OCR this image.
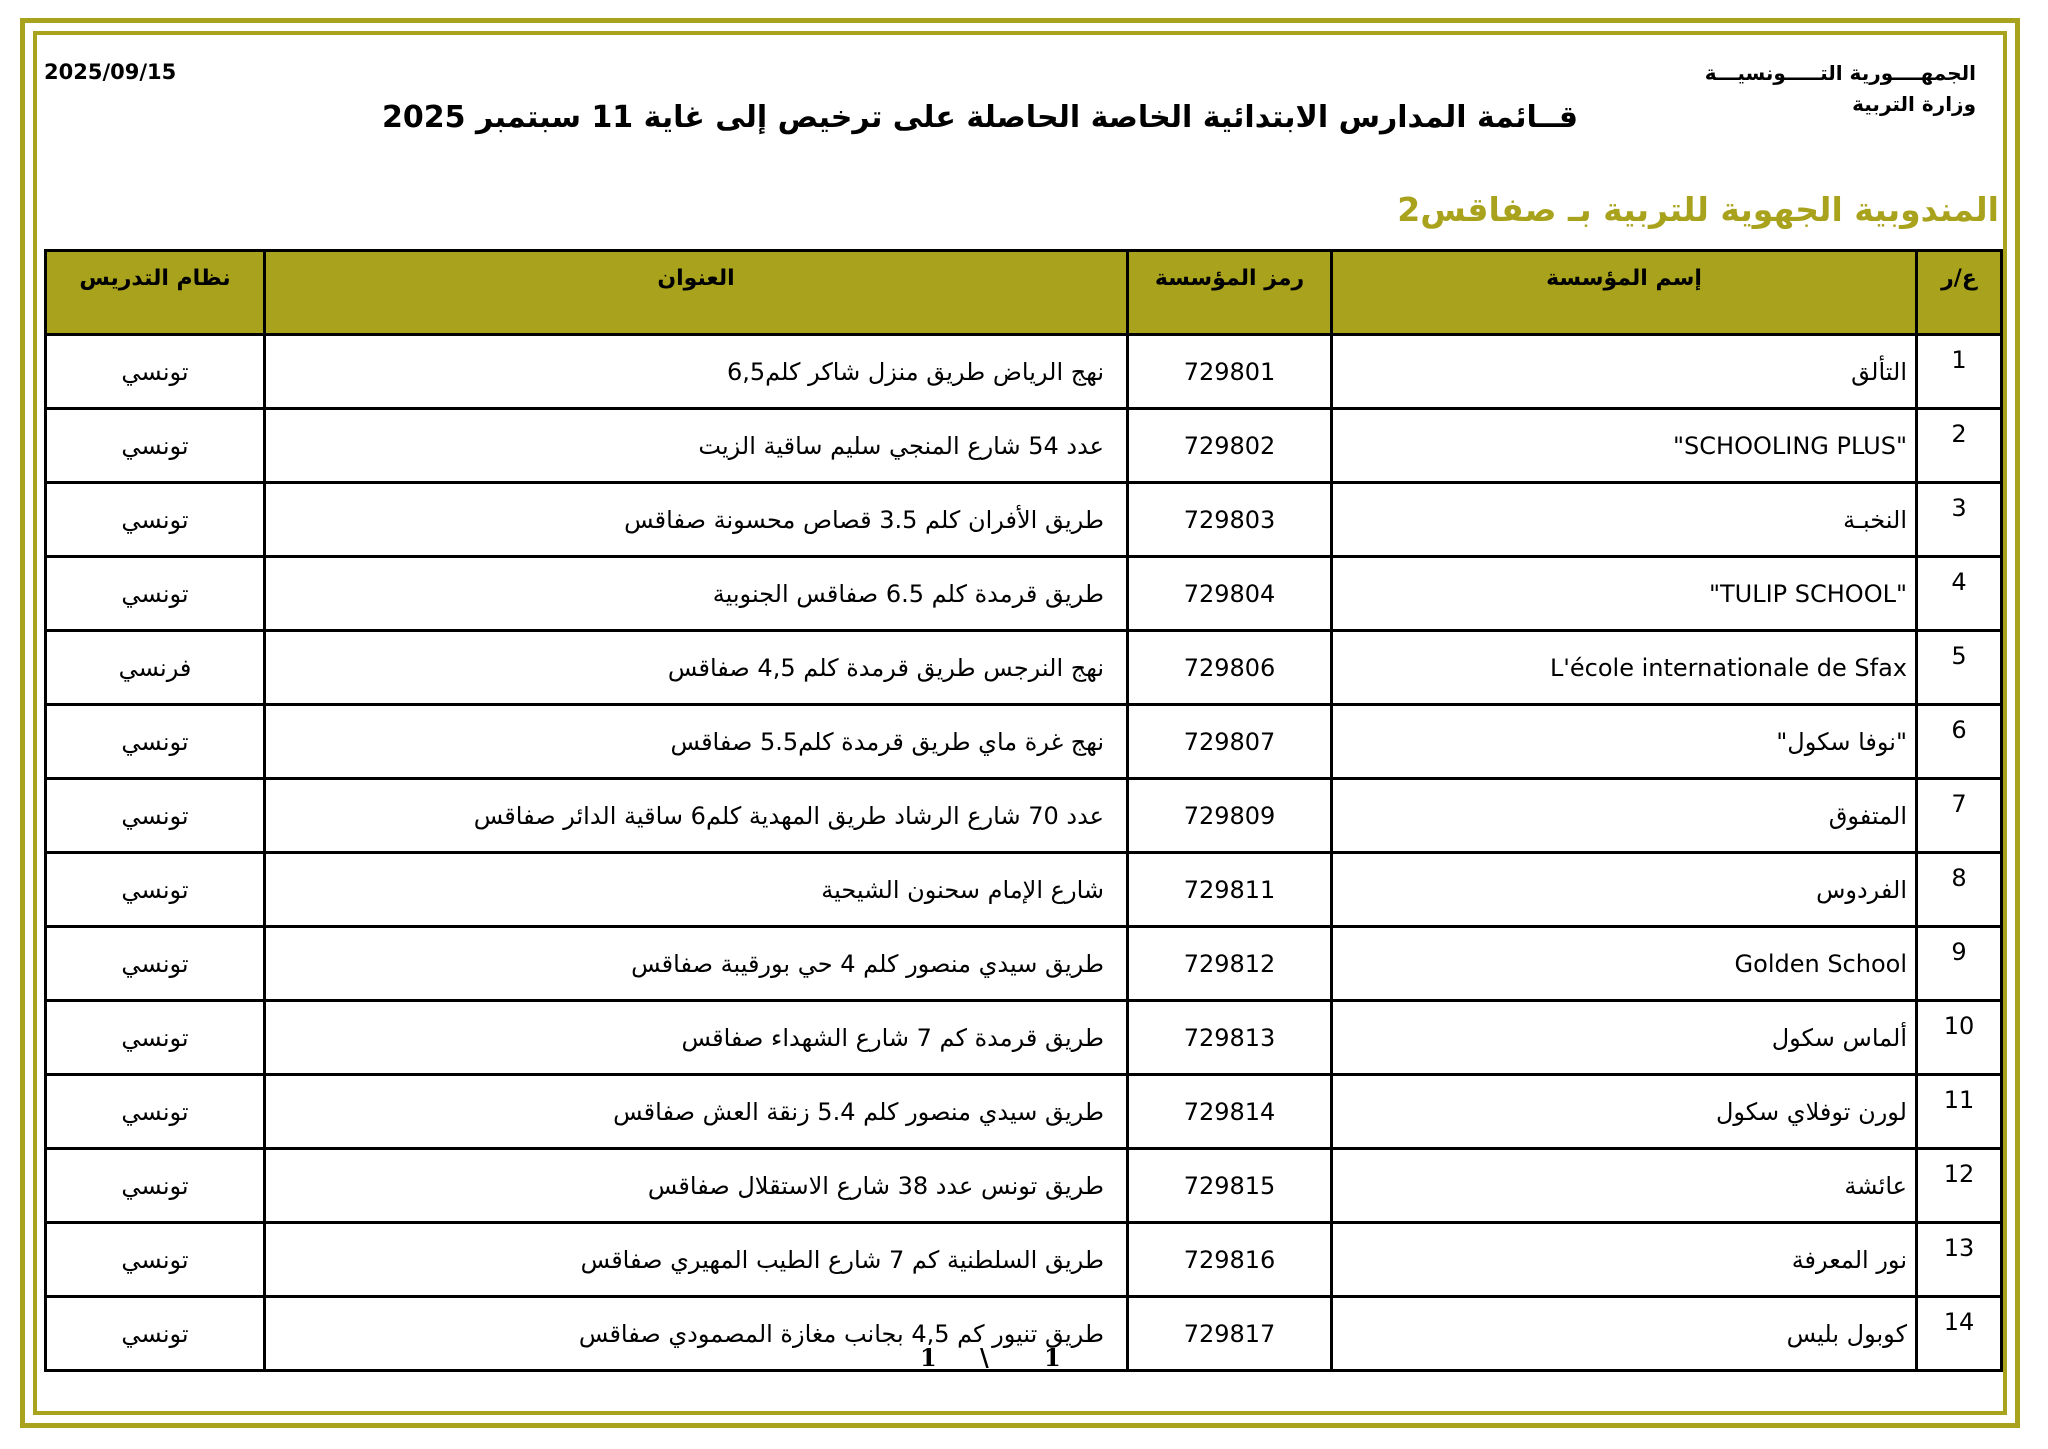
2025/09/15	الجمهــــورية التـــــونسيـــة
وزارة التربية
قــائمة المدارس الابتدائية الخاصة الحاصلة على ترخيص إلى غاية 11 سبتمبر 2025
المندوبية الجهوية للتربية بـ صفاقس2
ع/ر	إسم المؤسسة	رمز المؤسسة	العنوان	نظام التدريس
1	التألق	729801	نهج الرياض طريق منزل شاكر كلم6,5	تونسي
2	"SCHOOLING PLUS"	729802	عدد 54 شارع المنجي سليم ساقية الزيت	تونسي
3	النخبـة	729803	طريق الأفران كلم 3.5 قصاص محسونة صفاقس	تونسي
4	"TULIP SCHOOL"	729804	طريق قرمدة كلم 6.5 صفاقس الجنوبية	تونسي
5	L'école internationale de Sfax	729806	نهج النرجس طريق قرمدة كلم 4,5 صفاقس	فرنسي
6	"نوفا سكول"	729807	نهج غرة ماي طريق قرمدة كلم5.5 صفاقس	تونسي
7	المتفوق	729809	عدد 70 شارع الرشاد طريق المهدية كلم6 ساقية الدائر صفاقس	تونسي
8	الفردوس	729811	شارع الإمام سحنون الشيحية	تونسي
9	Golden School	729812	طريق سيدي منصور كلم 4 حي بورقيبة صفاقس	تونسي
10	ألماس سكول	729813	طريق قرمدة كم 7 شارع الشهداء صفاقس	تونسي
11	لورن توفلاي سكول	729814	طريق سيدي منصور كلم 5.4 زنقة العش صفاقس	تونسي
12	عائشة	729815	طريق تونس عدد 38 شارع الاستقلال صفاقس	تونسي
13	نور المعرفة	729816	طريق السلطنية كم 7 شارع الطيب المهيري صفاقس	تونسي
14	كوبول بليس	729817	طريق تنيور كم 4,5 بجانب مغازة المصمودي صفاقس	تونسي
1 \ 1
